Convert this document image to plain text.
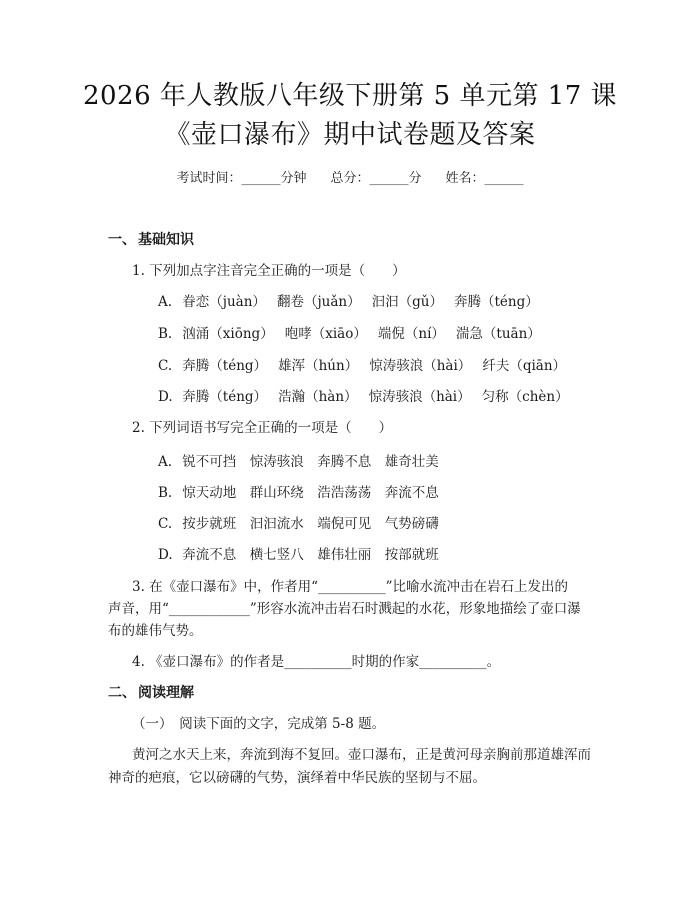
2026 年人教版八年级下册第 5 单元第 17 课
《壶口瀑布》期中试卷题及答案
考试时间：______分钟 总分：______分 姓名：______
一、 基础知识
1. 下列加点字注音完全正确的一项是（　　）
A. 眷恋（juàn）　 翻卷（juǎn）　 汩汩（gǔ）　 奔腾（téng）
B. 汹涌（xiōng）　 咆哮（xiāo）　 端倪（ní）　 湍急（tuān）
C. 奔腾（téng）　 雄浑（hún）　 惊涛骇浪（hài）　 纤夫（qiān）
D. 奔腾（téng）　 浩瀚（hàn）　 惊涛骇浪（hài）　 匀称（chèn）
2. 下列词语书写完全正确的一项是（　　）
A. 锐不可挡　惊涛骇浪　奔腾不息　雄奇壮美
B. 惊天动地　群山环绕　浩浩荡荡　奔流不息
C. 按步就班　汩汩流水　端倪可见　气势磅礴
D. 奔流不息　横七竖八　雄伟壮丽　按部就班
3. 在《壶口瀑布》中，作者用“__________”比喻水流冲击在岩石上发出的
声音，用“____________”形容水流冲击岩石时溅起的水花，形象地描绘了壶口瀑
布的雄伟气势。
4. 《壶口瀑布》的作者是__________时期的作家__________。
二、 阅读理解
（一）　阅读下面的文字，完成第 5-8 题。
黄河之水天上来，奔流到海不复回。壶口瀑布，正是黄河母亲胸前那道雄浑而
神奇的疤痕，它以磅礴的气势，演绎着中华民族的坚韧与不屈。
